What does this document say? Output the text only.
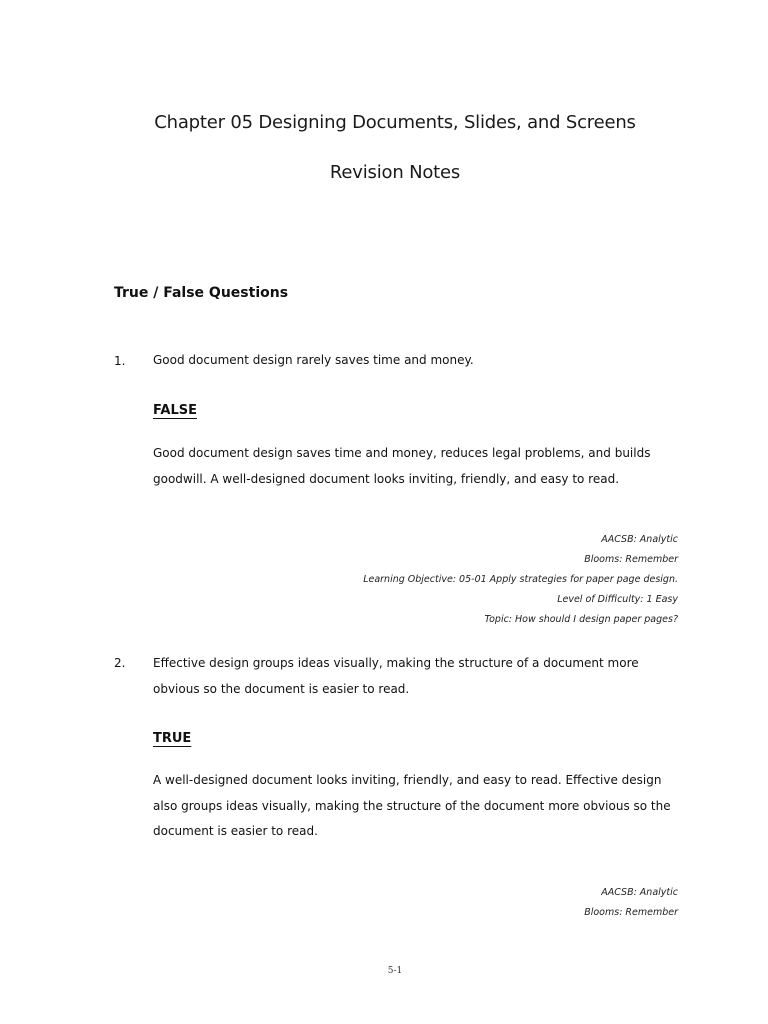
Chapter 05 Designing Documents, Slides, and Screens
Revision Notes
True / False Questions
1. Good document design rarely saves time and money.
FALSE
Good document design saves time and money, reduces legal problems, and builds goodwill. A well-designed document looks inviting, friendly, and easy to read.
AACSB: Analytic
Blooms: Remember
Learning Objective: 05-01 Apply strategies for paper page design.
Level of Difficulty: 1 Easy
Topic: How should I design paper pages?
2. Effective design groups ideas visually, making the structure of a document more obvious so the document is easier to read.
TRUE
A well-designed document looks inviting, friendly, and easy to read. Effective design also groups ideas visually, making the structure of the document more obvious so the document is easier to read.
AACSB: Analytic
Blooms: Remember
5-1
